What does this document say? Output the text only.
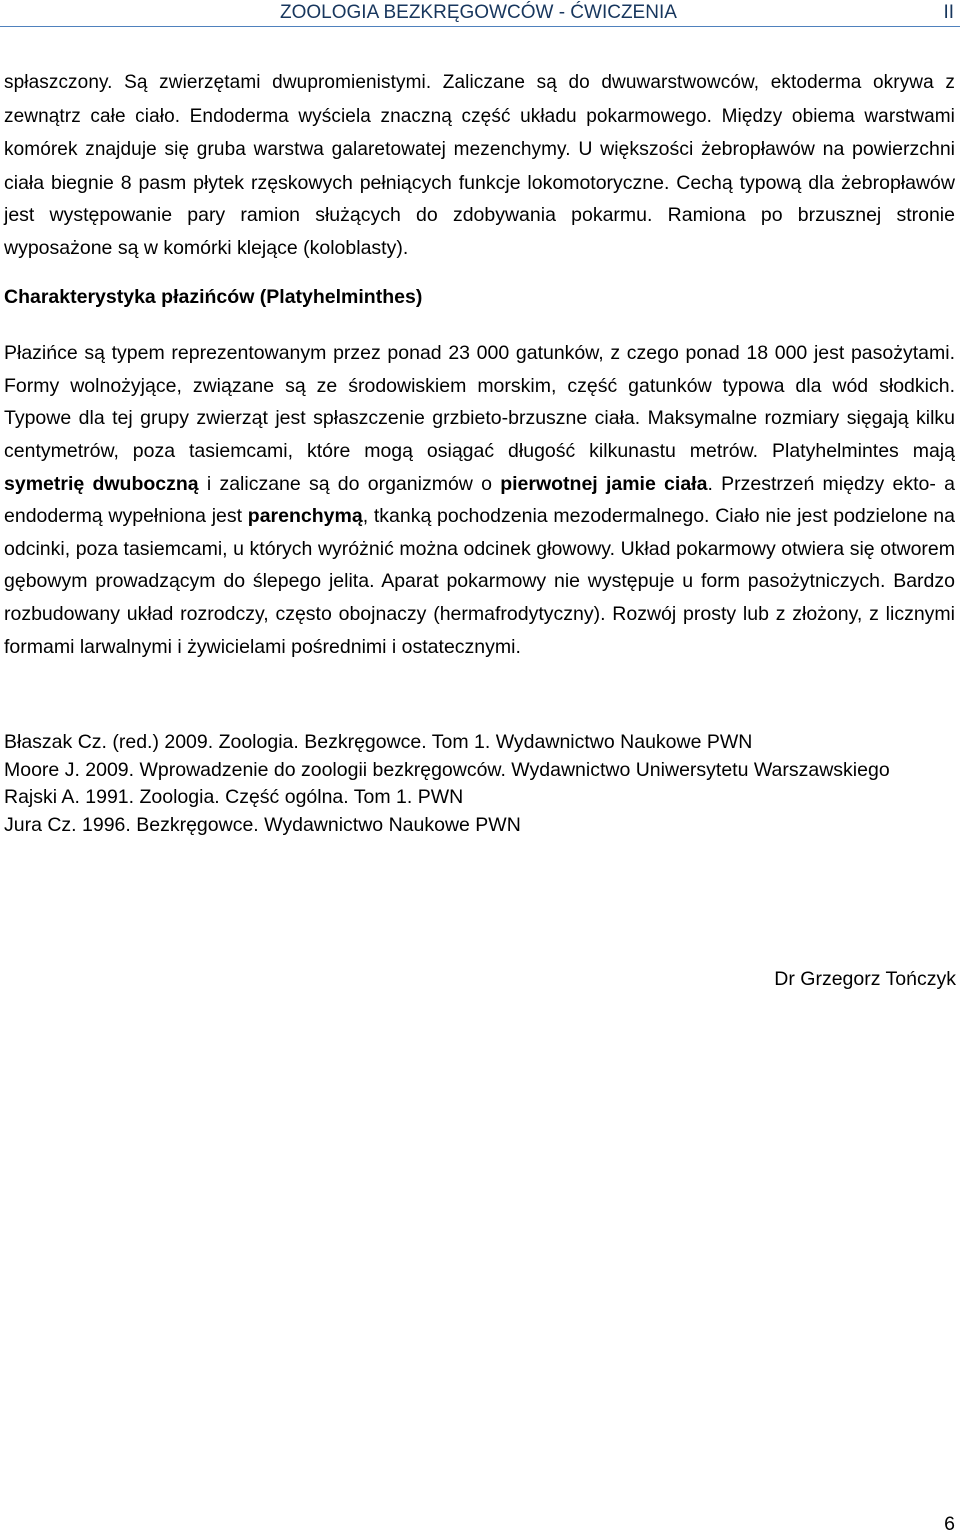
ZOOLOGIA BEZKRĘGOWCÓW - ĆWICZENIA	II

spłaszczony. Są zwierzętami dwupromienistymi. Zaliczane są do dwuwarstwowców, ektoderma okrywa z zewnątrz całe ciało. Endoderma wyściela znaczną część układu pokarmowego. Między obiema warstwami komórek znajduje się gruba warstwa galaretowatej mezenchymy. U większości żebropławów na powierzchni ciała biegnie 8 pasm płytek rzęskowych pełniących funkcje lokomotoryczne. Cechą typową dla żebropławów jest występowanie pary ramion służących do zdobywania pokarmu. Ramiona po brzusznej stronie wyposażone są w komórki klejące (koloblasty).

Charakterystyka płazińców (Platyhelminthes)

Płazińce są typem reprezentowanym przez ponad 23 000 gatunków, z czego ponad 18 000 jest pasożytami. Formy wolnożyjące, związane są ze środowiskiem morskim, część gatunków typowa dla wód słodkich. Typowe dla tej grupy zwierząt jest spłaszczenie grzbieto-brzuszne ciała. Maksymalne rozmiary sięgają kilku centymetrów, poza tasiemcami, które mogą osiągać długość kilkunastu metrów. Platyhelmintes mają symetrię dwuboczną i zaliczane są do organizmów o pierwotnej jamie ciała. Przestrzeń między ekto- a endodermą wypełniona jest parenchymą, tkanką pochodzenia mezodermalnego. Ciało nie jest podzielone na odcinki, poza tasiemcami, u których wyróżnić można odcinek głowowy. Układ pokarmowy otwiera się otworem gębowym prowadzącym do ślepego jelita. Aparat pokarmowy nie występuje u form pasożytniczych. Bardzo rozbudowany układ rozrodczy, często obojnaczy (hermafrodytyczny). Rozwój prosty lub z złożony, z licznymi formami larwalnymi i żywicielami pośrednimi i ostatecznymi.

Błaszak Cz. (red.) 2009. Zoologia. Bezkręgowce. Tom 1. Wydawnictwo Naukowe PWN

Moore J. 2009. Wprowadzenie do zoologii bezkręgowców. Wydawnictwo Uniwersytetu Warszawskiego

Rajski A. 1991. Zoologia. Część ogólna. Tom 1. PWN

Jura Cz. 1996. Bezkręgowce. Wydawnictwo Naukowe PWN

Dr Grzegorz Tończyk
6
